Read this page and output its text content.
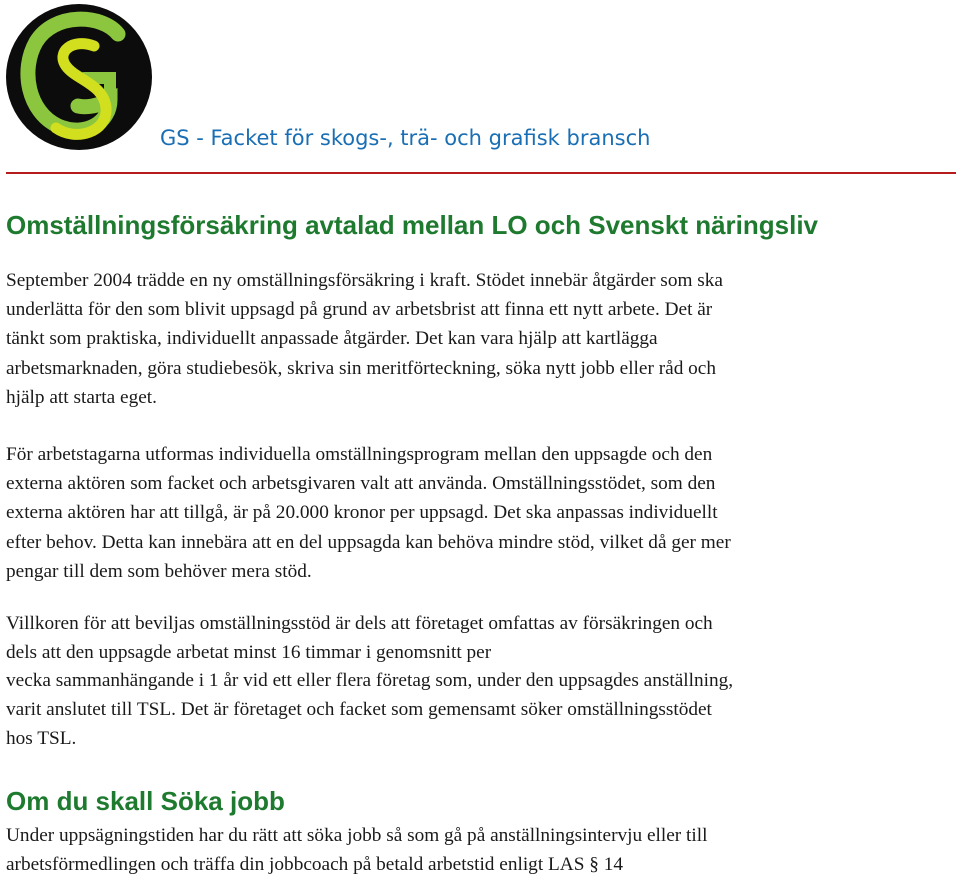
GS - Facket för skogs-, trä- och grafisk bransch
Omställningsförsäkring avtalad mellan LO och Svenskt näringsliv

September 2004 trädde en ny omställningsförsäkring i kraft. Stödet innebär åtgärder som ska
underlätta för den som blivit uppsagd på grund av arbetsbrist att finna ett nytt arbete. Det är
tänkt som praktiska, individuellt anpassade åtgärder. Det kan vara hjälp att kartlägga
arbetsmarknaden, göra studiebesök, skriva sin meritförteckning, söka nytt jobb eller råd och
hjälp att starta eget.

För arbetstagarna utformas individuella omställningsprogram mellan den uppsagde och den
externa aktören som facket och arbetsgivaren valt att använda. Omställningsstödet, som den
externa aktören har att tillgå, är på 20.000 kronor per uppsagd. Det ska anpassas individuellt
efter behov. Detta kan innebära att en del uppsagda kan behöva mindre stöd, vilket då ger mer
pengar till dem som behöver mera stöd.

Villkoren för att beviljas omställningsstöd är dels att företaget omfattas av försäkringen och
dels att den uppsagde arbetat minst 16 timmar i genomsnitt per
vecka sammanhängande i 1 år vid ett eller flera företag som, under den uppsagdes anställning,
varit anslutet till TSL. Det är företaget och facket som gemensamt söker omställningsstödet
hos TSL.

Om du skall Söka jobb

Under uppsägningstiden har du rätt att söka jobb så som gå på anställningsintervju eller till
arbetsförmedlingen och träffa din jobbcoach på betald arbetstid enligt LAS § 14
